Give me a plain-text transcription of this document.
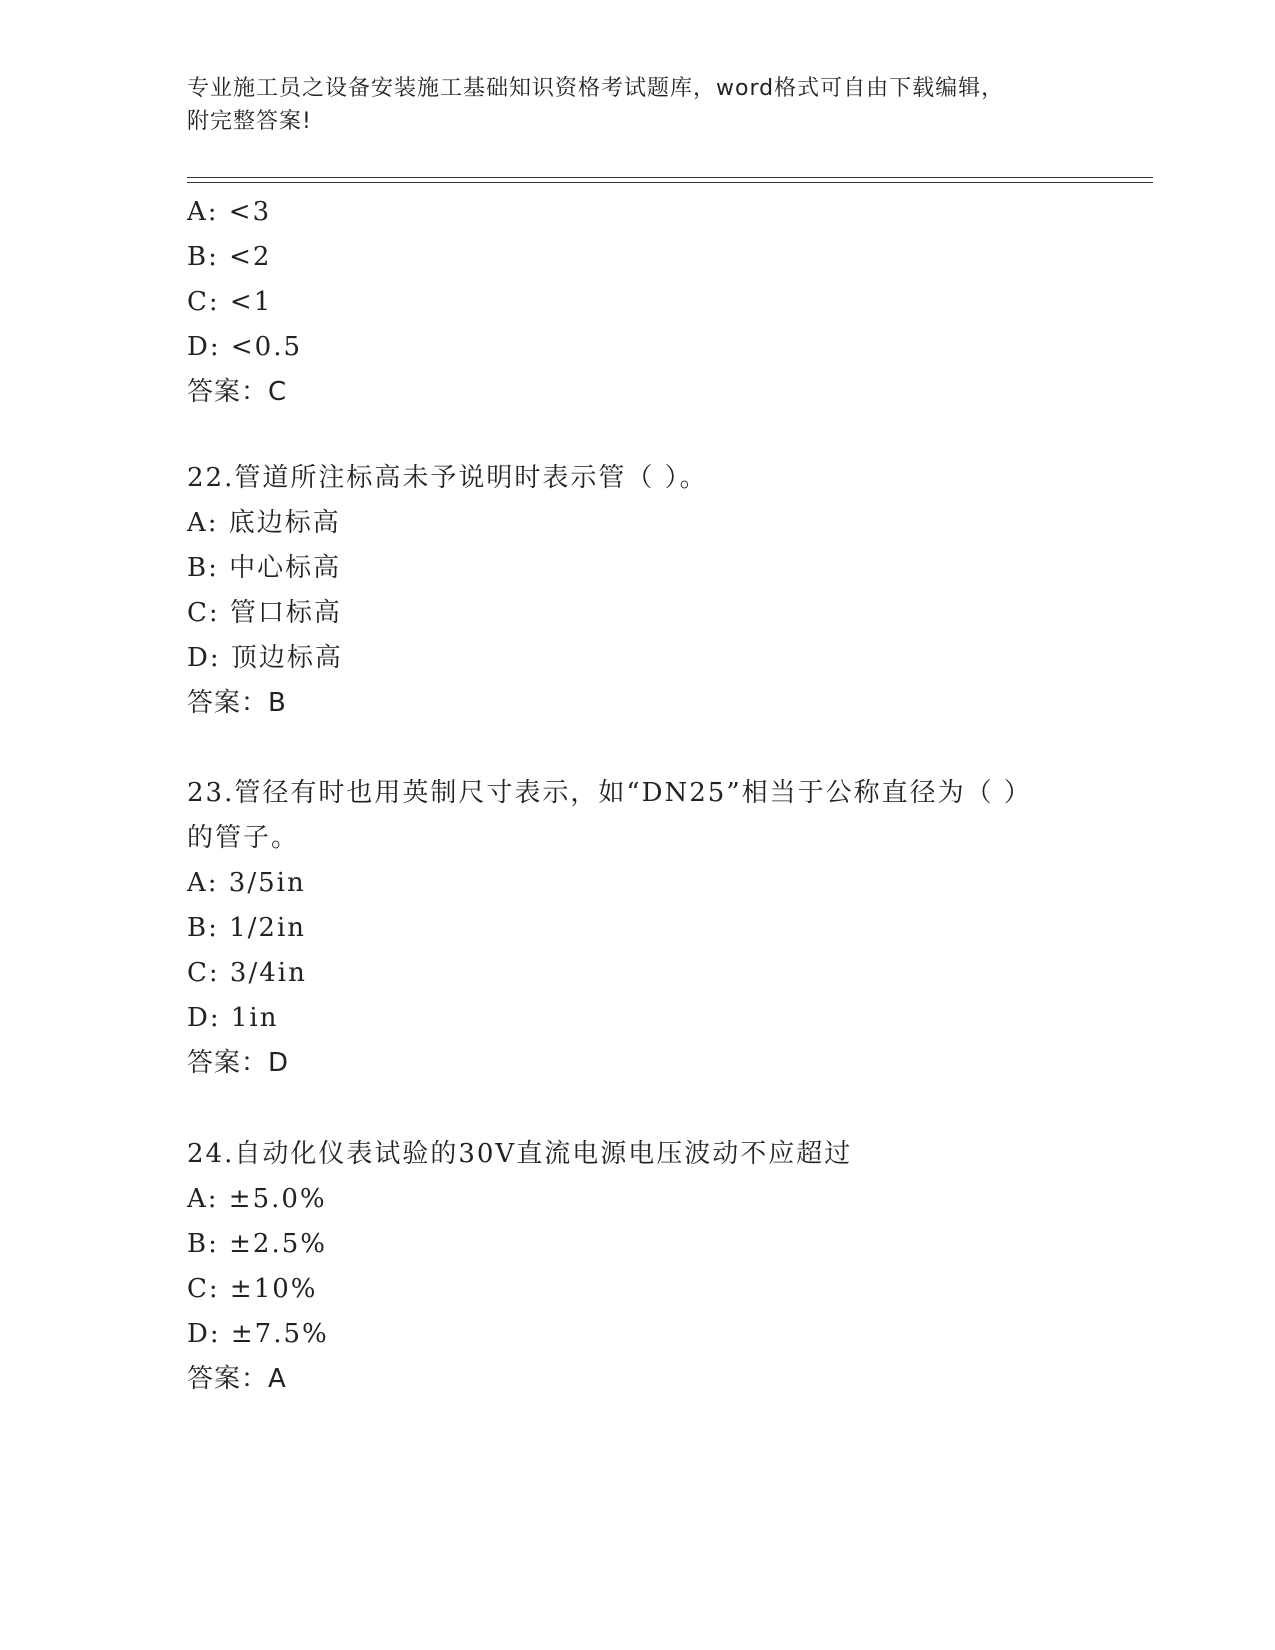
专业施工员之设备安装施工基础知识资格考试题库，word格式可自由下载编辑，
附完整答案!
A: <3
B: <2
C: <1
D: <0.5
答案：C
22.管道所注标高未予说明时表示管（ ）。
A: 底边标高
B: 中心标高
C: 管口标高
D: 顶边标高
答案：B
23.管径有时也用英制尺寸表示，如“DN25”相当于公称直径为（ ）
的管子。
A: 3/5in
B: 1/2in
C: 3/4in
D: 1in
答案：D
24.自动化仪表试验的30V直流电源电压波动不应超过
A: ±5.0%
B: ±2.5%
C: ±10%
D: ±7.5%
答案：A
